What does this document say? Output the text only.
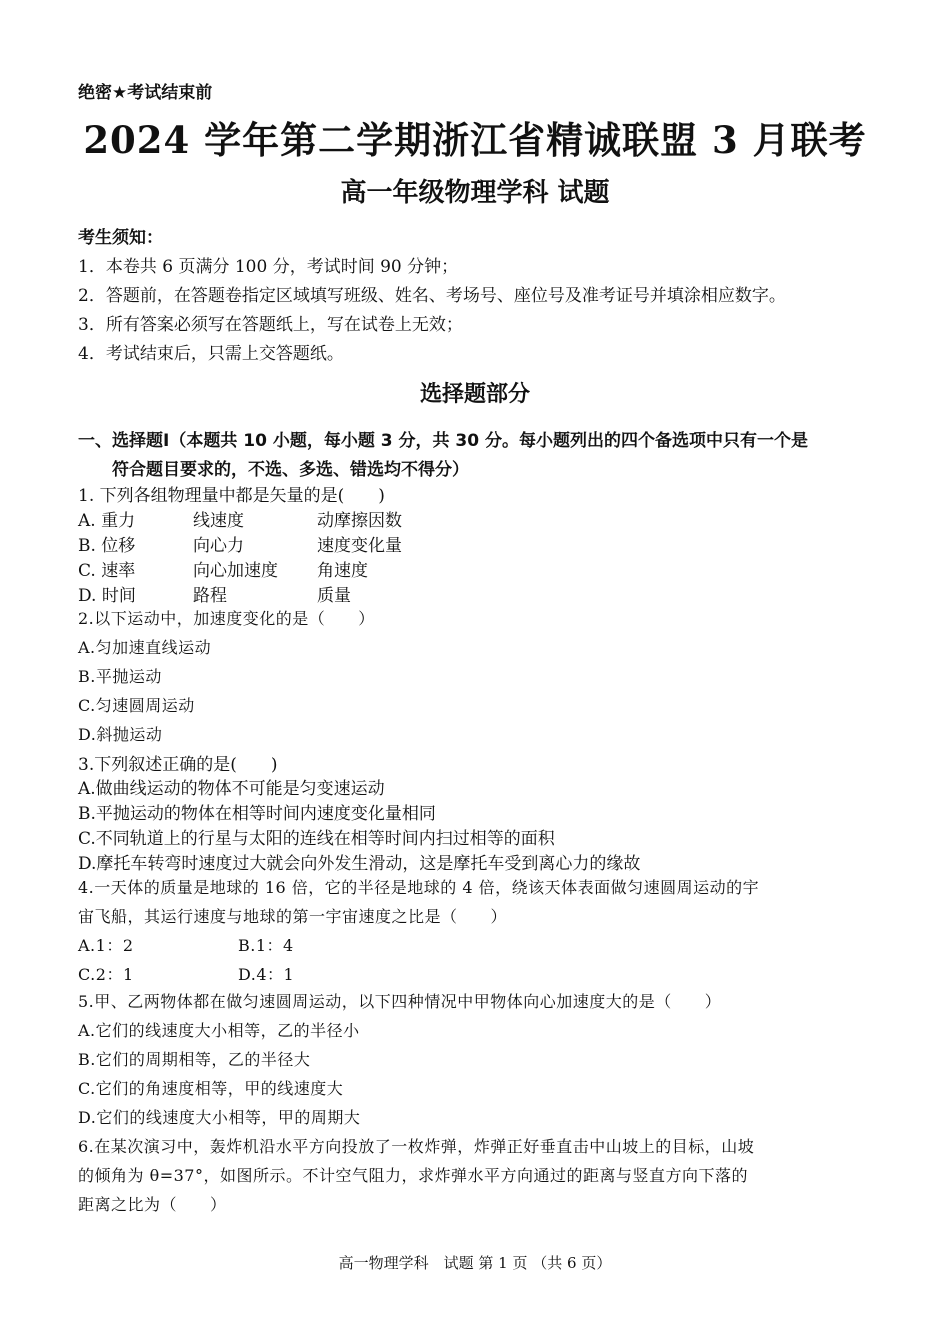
绝密★考试结束前
2024 学年第二学期浙江省精诚联盟 3 月联考
高一年级物理学科 试题
考生须知：
1．本卷共 6 页满分 100 分，考试时间 90 分钟；
2．答题前，在答题卷指定区域填写班级、姓名、考场号、座位号及准考证号并填涂相应数字。
3．所有答案必须写在答题纸上，写在试卷上无效；
4．考试结束后，只需上交答题纸。
选择题部分
一、选择题Ⅰ（本题共 10 小题，每小题 3 分，共 30 分。每小题列出的四个备选项中只有一个是
符合题目要求的，不选、多选、错选均不得分）
1. 下列各组物理量中都是矢量的是(　　)
A. 重力	线速度	动摩擦因数
B. 位移	向心力	速度变化量
C. 速率	向心加速度 角速度
D. 时间	路程	质量
2.以下运动中，加速度变化的是（　　）
A.匀加速直线运动
B.平抛运动
C.匀速圆周运动
D.斜抛运动
3.下列叙述正确的是(　　)
A.做曲线运动的物体不可能是匀变速运动
B.平抛运动的物体在相等时间内速度变化量相同
C.不同轨道上的行星与太阳的连线在相等时间内扫过相等的面积
D.摩托车转弯时速度过大就会向外发生滑动，这是摩托车受到离心力的缘故
4.一天体的质量是地球的 16 倍，它的半径是地球的 4 倍，绕该天体表面做匀速圆周运动的宇
宙飞船，其运行速度与地球的第一宇宙速度之比是（　　）
A.1：2	B.1：4
C.2：1	D.4：1
5.甲、乙两物体都在做匀速圆周运动，以下四种情况中甲物体向心加速度大的是（　　）
A.它们的线速度大小相等，乙的半径小
B.它们的周期相等，乙的半径大
C.它们的角速度相等，甲的线速度大
D.它们的线速度大小相等，甲的周期大
6.在某次演习中，轰炸机沿水平方向投放了一枚炸弹，炸弹正好垂直击中山坡上的目标，山坡
的倾角为 θ=37°，如图所示。不计空气阻力，求炸弹水平方向通过的距离与竖直方向下落的
距离之比为（　　）
高一物理学科　试题 第 1 页 （共 6 页）
